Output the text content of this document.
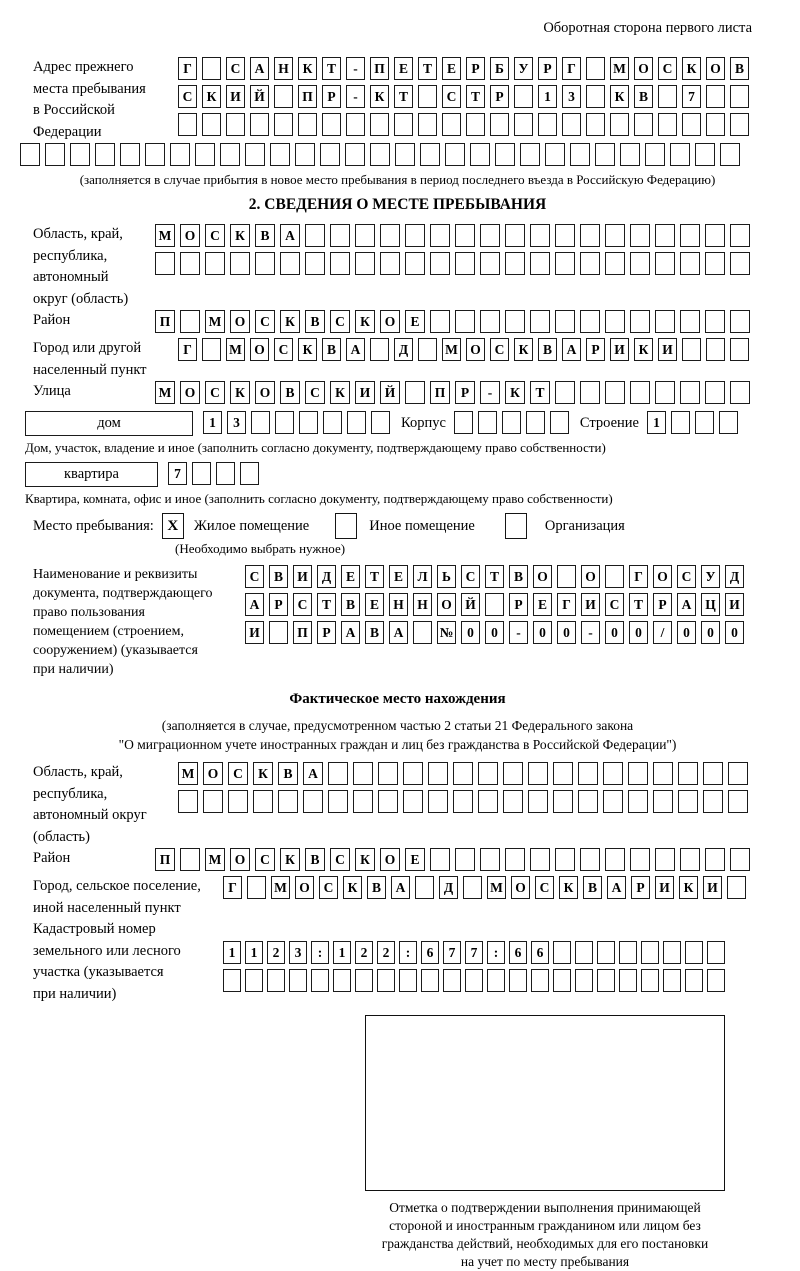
Оборотная сторона первого листа
Адрес прежнего
места пребывания
в Российской
Федерации
Г	С	А	Н	К	Т	-	П	Е	Т	Е	Р	Б	У	Р	Г	М О	С	К	О	В
С	К	И Й	П	Р	-	К	Т	С	Т	Р	1	3	К	В	7
(заполняется в случае прибытия в новое место пребывания в период последнего въезда в Российскую Федерацию)
2. СВЕДЕНИЯ О МЕСТЕ ПРЕБЫВАНИЯ
Область, край,
республика,
автономный
округ (область)
М О	С	К	В	А
Район	П	М О	С	К	В	С	К	О	Е
Город или другой
населенный пункт
Г	М О	С	К	В	А	Д	М О	С	К	В	А	Р	И	К	И
Улица	М О	С	К	О	В	С	К	И	Й	П	Р	-	К	Т
дом	1	3	Корпус	Строение	1
Дом, участок, владение и иное (заполнить согласно документу, подтверждающему право собственности)
квартира	7
Квартира, комната, офис и иное (заполнить согласно документу, подтверждающему право собственности)
Место пребывания: X	Жилое помещение	Иное помещение	Организация
(Необходимо выбрать нужное)
Наименование и реквизиты
документа, подтверждающего
право пользования
помещением (строением,
сооружением) (указывается
при наличии)
С	В	И	Д	Е	Т	Е	Л	Ь	С	Т	В	О	О	Г	О	С	У	Д
А	Р	С	Т	В	Е	Н Н О Й	Р	Е	Г	И	С	Т	Р	А	Ц И
И	П	Р	А	В	А	№	0	0	-	0	0	-	0	0	/	0	0	0
Фактическое место нахождения
(заполняется в случае, предусмотренном частью 2 статьи 21 Федерального закона
"О миграционном учете иностранных граждан и лиц без гражданства в Российской Федерации")
Область, край,
республика,
автономный округ
(область)
М О	С	К	В	А
Район	П	М О	С	К	В	С	К	О	Е
Город, сельское поселение,
иной населенный пункт
Г	М О	С	К	В	А	Д	М О	С	К	В	А	Р	И	К	И
Кадастровый номер
земельного или лесного
участка (указывается
при наличии)
1	1	2	3	:	1	2	2	:	6	7	7	:	6	6
Отметка о подтверждении выполнения принимающей
стороной и иностранным гражданином или лицом без
гражданства действий, необходимых для его постановки
на учет по месту пребывания
